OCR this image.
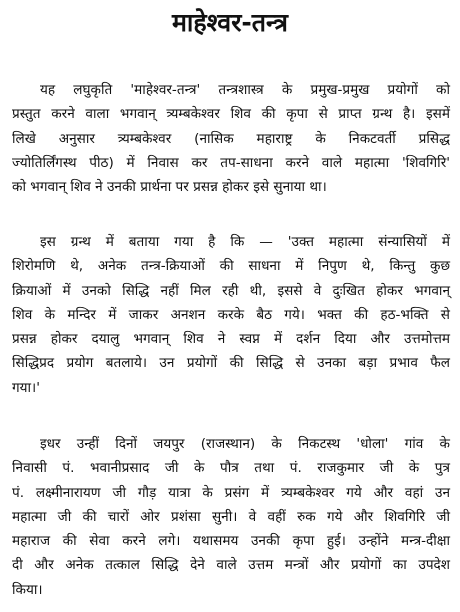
माहेश्वर-तन्त्र
यह लघुकृति 'माहेश्वर-तन्त्र' तन्त्रशास्त्र के प्रमुख-प्रमुख प्रयोगों को
प्रस्तुत करने वाला भगवान् त्र्यम्बकेश्वर शिव की कृपा से प्राप्त ग्रन्थ है। इसमें
लिखे अनुसार त्र्यम्बकेश्वर (नासिक महाराष्ट्र के निकटवर्ती प्रसिद्ध
ज्योतिर्लिंगस्थ पीठ) में निवास कर तप-साधना करने वाले महात्मा 'शिवगिरि'
को भगवान् शिव ने उनकी प्रार्थना पर प्रसन्न होकर इसे सुनाया था।
इस ग्रन्थ में बताया गया है कि — 'उक्त महात्मा संन्यासियों में
शिरोमणि थे, अनेक तन्त्र-क्रियाओं की साधना में निपुण थे, किन्तु कुछ
क्रियाओं में उनको सिद्धि नहीं मिल रही थी, इससे वे दुःखित होकर भगवान्
शिव के मन्दिर में जाकर अनशन करके बैठ गये। भक्त की हठ-भक्ति से
प्रसन्न होकर दयालु भगवान् शिव ने स्वप्न में दर्शन दिया और उत्तमोत्तम
सिद्धिप्रद प्रयोग बतलाये। उन प्रयोगों की सिद्धि से उनका बड़ा प्रभाव फैल
गया।'
इधर उन्हीं दिनों जयपुर (राजस्थान) के निकटस्थ 'धोला' गांव के
निवासी पं. भवानीप्रसाद जी के पौत्र तथा पं. राजकुमार जी के पुत्र
पं. लक्ष्मीनारायण जी गौड़ यात्रा के प्रसंग में त्र्यम्बकेश्वर गये और वहां उन
महात्मा जी की चारों ओर प्रशंसा सुनी। वे वहीं रुक गये और शिवगिरि जी
महाराज की सेवा करने लगे। यथासमय उनकी कृपा हुई। उन्होंने मन्त्र-दीक्षा
दी और अनेक तत्काल सिद्धि देने वाले उत्तम मन्त्रों और प्रयोगों का उपदेश
किया।
